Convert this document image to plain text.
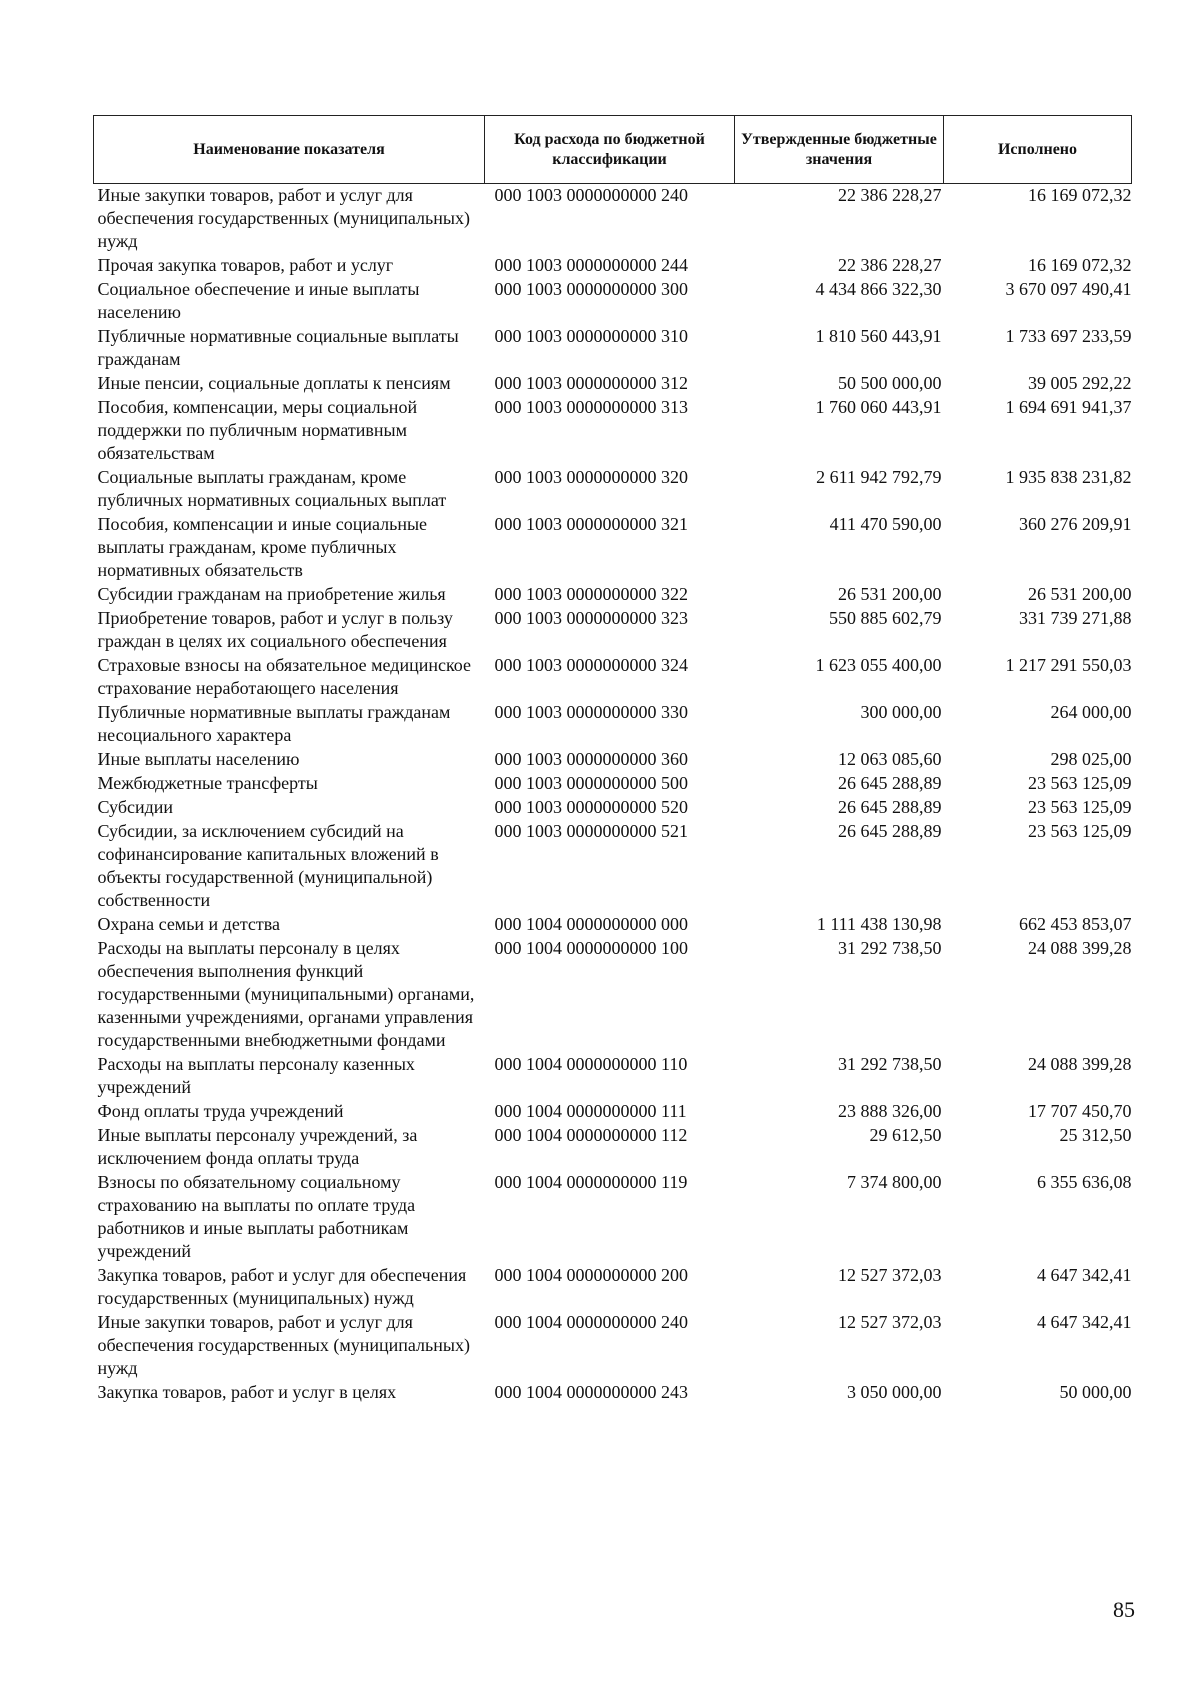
Наименование показателя	Код расхода по бюджетной классификации	Утвержденные бюджетные значения	Исполнено
Иные закупки товаров, работ и услуг для обеспечения государственных (муниципальных) нужд	000 1003 0000000000 240	22 386 228,27	16 169 072,32
Прочая закупка товаров, работ и услуг	000 1003 0000000000 244	22 386 228,27	16 169 072,32
Социальное обеспечение и иные выплаты населению	000 1003 0000000000 300	4 434 866 322,30	3 670 097 490,41
Публичные нормативные социальные выплаты гражданам	000 1003 0000000000 310	1 810 560 443,91	1 733 697 233,59
Иные пенсии, социальные доплаты к пенсиям	000 1003 0000000000 312	50 500 000,00	39 005 292,22
Пособия, компенсации, меры социальной поддержки по публичным нормативным обязательствам	000 1003 0000000000 313	1 760 060 443,91	1 694 691 941,37
Социальные выплаты гражданам, кроме публичных нормативных социальных выплат	000 1003 0000000000 320	2 611 942 792,79	1 935 838 231,82
Пособия, компенсации и иные социальные выплаты гражданам, кроме публичных нормативных обязательств	000 1003 0000000000 321	411 470 590,00	360 276 209,91
Субсидии гражданам на приобретение жилья	000 1003 0000000000 322	26 531 200,00	26 531 200,00
Приобретение товаров, работ и услуг в пользу граждан в целях их социального обеспечения	000 1003 0000000000 323	550 885 602,79	331 739 271,88
Страховые взносы на обязательное медицинское страхование неработающего населения	000 1003 0000000000 324	1 623 055 400,00	1 217 291 550,03
Публичные нормативные выплаты гражданам несоциального характера	000 1003 0000000000 330	300 000,00	264 000,00
Иные выплаты населению	000 1003 0000000000 360	12 063 085,60	298 025,00
Межбюджетные трансферты	000 1003 0000000000 500	26 645 288,89	23 563 125,09
Субсидии	000 1003 0000000000 520	26 645 288,89	23 563 125,09
Субсидии, за исключением субсидий на софинансирование капитальных вложений в объекты государственной (муниципальной) собственности	000 1003 0000000000 521	26 645 288,89	23 563 125,09
Охрана семьи и детства	000 1004 0000000000 000	1 111 438 130,98	662 453 853,07
Расходы на выплаты персоналу в целях обеспечения выполнения функций государственными (муниципальными) органами, казенными учреждениями, органами управления государственными внебюджетными фондами	000 1004 0000000000 100	31 292 738,50	24 088 399,28
Расходы на выплаты персоналу казенных учреждений	000 1004 0000000000 110	31 292 738,50	24 088 399,28
Фонд оплаты труда учреждений	000 1004 0000000000 111	23 888 326,00	17 707 450,70
Иные выплаты персоналу учреждений, за исключением фонда оплаты труда	000 1004 0000000000 112	29 612,50	25 312,50
Взносы по обязательному социальному страхованию на выплаты по оплате труда работников и иные выплаты работникам учреждений	000 1004 0000000000 119	7 374 800,00	6 355 636,08
Закупка товаров, работ и услуг для обеспечения государственных (муниципальных) нужд	000 1004 0000000000 200	12 527 372,03	4 647 342,41
Иные закупки товаров, работ и услуг для обеспечения государственных (муниципальных) нужд	000 1004 0000000000 240	12 527 372,03	4 647 342,41
Закупка товаров, работ и услуг в целях	000 1004 0000000000 243	3 050 000,00	50 000,00
85
